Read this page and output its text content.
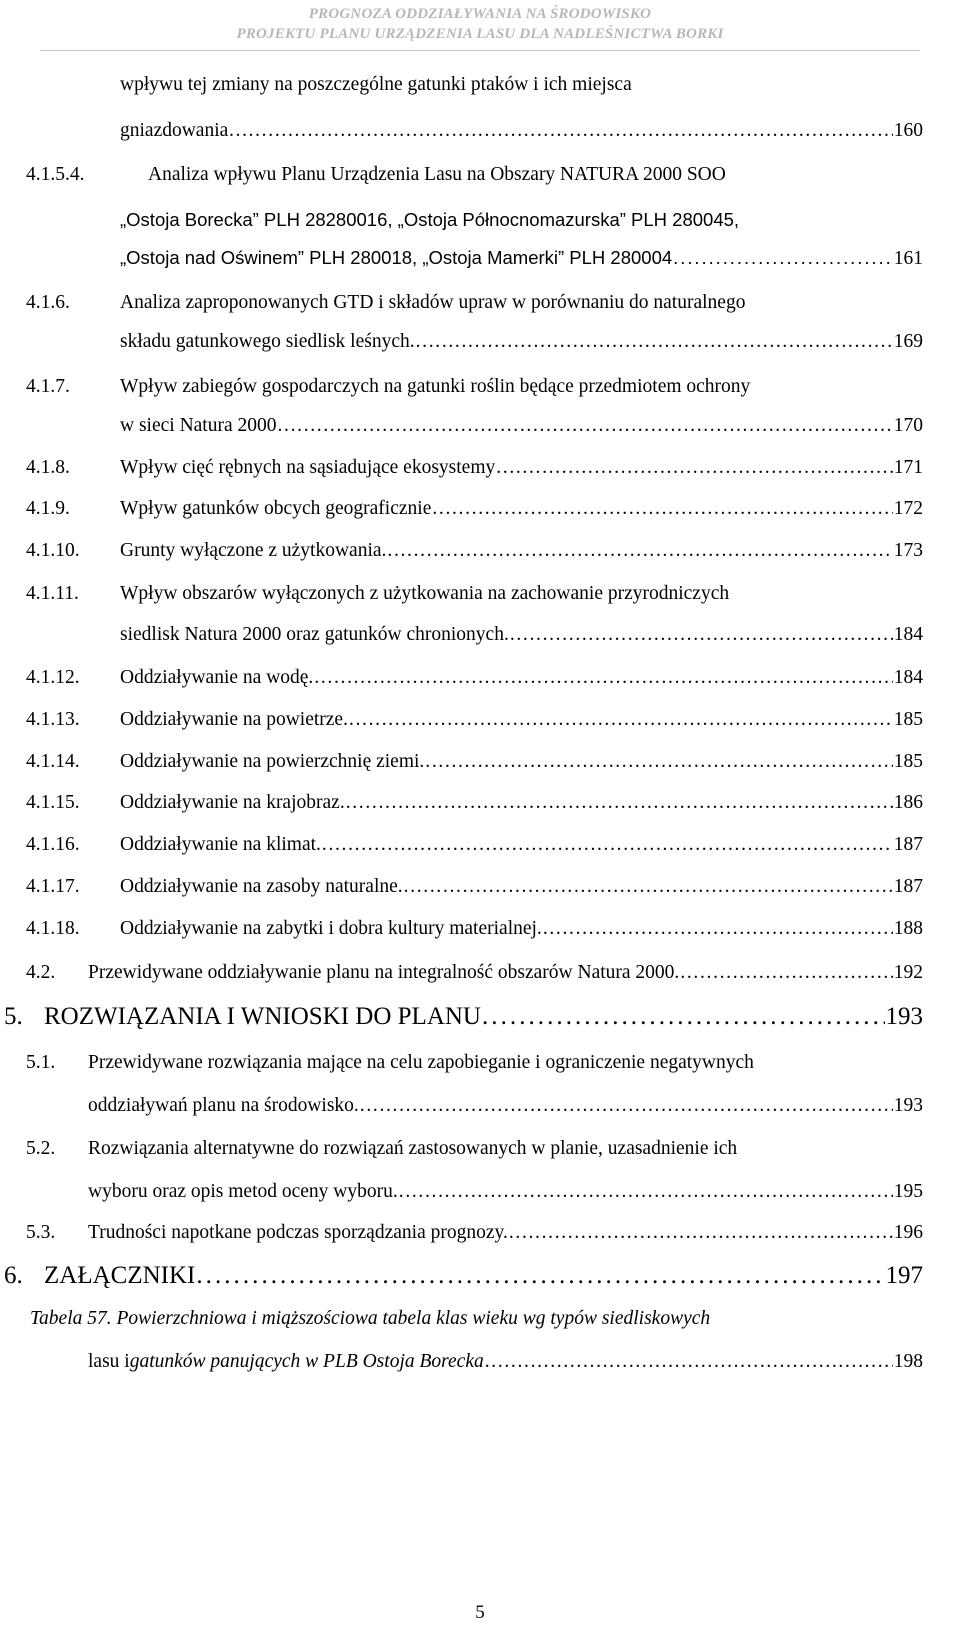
PROGNOZA ODDZIAŁYWANIA NA ŚRODOWISKO
PROJEKTU PLANU URZĄDZENIA LASU DLA NADLEŚNICTWA BORKI
wpływu tej zmiany na poszczególne gatunki ptaków i ich miejsca
gniazdowania…… . . .	160
4.1.5.4.	Analiza wpływu Planu Urządzenia Lasu na Obszary NATURA 2000 SOO
„Ostoja Borecka” PLH 28280016, „Ostoja Północnomazurska” PLH 280045,
„Ostoja nad Oświnem” PLH 280018, „Ostoja Mamerki” PLH 280004 . . .	161
4.1.6.	Analiza zaproponowanych GTD i składów upraw w porównaniu do naturalnego
składu gatunkowego siedlisk leśnych. . . .	169
4.1.7.	Wpływ zabiegów gospodarczych na gatunki roślin będące przedmiotem ochrony
w sieci Natura 2000 . . .	170
4.1.8.	Wpływ cięć rębnych na sąsiadujące ekosystemy . . .	171
4.1.9.	Wpływ gatunków obcych geograficznie . . .	172
4.1.10. Grunty wyłączone z użytkowania. . . .	173
4.1.11. Wpływ obszarów wyłączonych z użytkowania na zachowanie przyrodniczych
siedlisk Natura 2000 oraz gatunków chronionych. . . .	184
4.1.12. Oddziaływanie na wodę. . . .	184
4.1.13. Oddziaływanie na powietrze. . . .	185
4.1.14. Oddziaływanie na powierzchnię ziemi. . . .	185
4.1.15. Oddziaływanie na krajobraz. . . .	186
4.1.16. Oddziaływanie na klimat. . . .	187
4.1.17. Oddziaływanie na zasoby naturalne. . . .	187
4.1.18. Oddziaływanie na zabytki i dobra kultury materialnej. . . .	188
4.2. Przewidywane oddziaływanie planu na integralność obszarów Natura 2000. . . .	192
5. ROZWIĄZANIA I WNIOSKI DO PLANU . . .	193
5.1. Przewidywane rozwiązania mające na celu zapobieganie i ograniczenie negatywnych
oddziaływań planu na środowisko. . . .	193
5.2. Rozwiązania alternatywne do rozwiązań zastosowanych w planie, uzasadnienie ich
wyboru oraz opis metod oceny wyboru. . . .	195
5.3. Trudności napotkane podczas sporządzania prognozy. . . .	196
6. ZAŁĄCZNIKI . . .	197
Tabela 57. Powierzchniowa i miąższościowa tabela klas wieku wg typów siedliskowych
lasu i gatunków panujących w PLB Ostoja Borecka . . .	198
5
